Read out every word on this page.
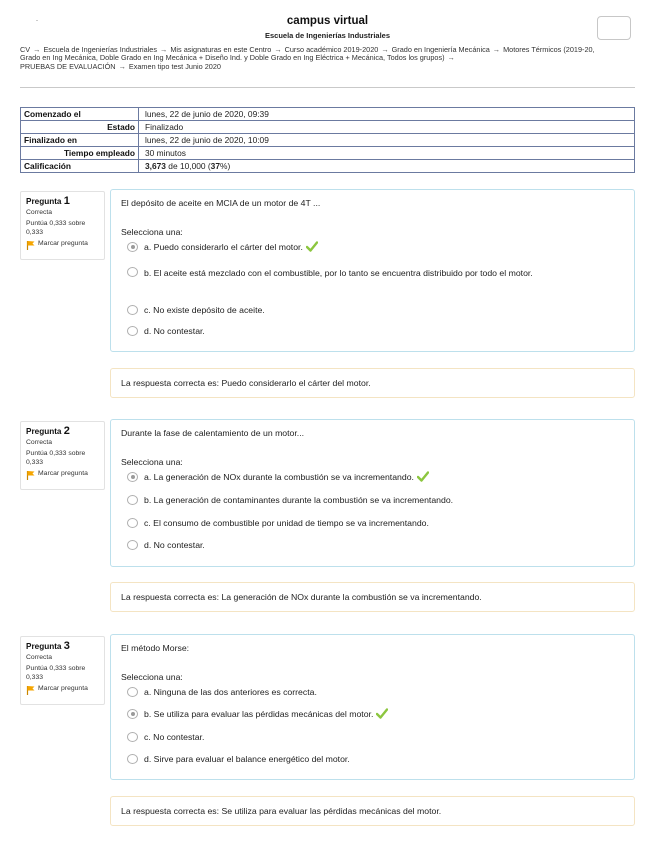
-	campus virtual
Escuela de Ingenierías Industriales
CV → Escuela de Ingenierías Industriales → Mis asignaturas en este Centro → Curso académico 2019-2020 → Grado en Ingeniería Mecánica → Motores Térmicos (2019-20, Grado en Ing Mecánica, Doble Grado en Ing Mecánica + Diseño Ind. y Doble Grado en Ing Eléctrica + Mecánica, Todos los grupos) →
PRUEBAS DE EVALUACIÓN → Examen tipo test Junio 2020
Comenzado el	lunes, 22 de junio de 2020, 09:39
Estado	Finalizado
Finalizado en	lunes, 22 de junio de 2020, 10:09
Tiempo empleado	30 minutos
Calificación	3,673 de 10,000 (37%)
Pregunta 1
Correcta
Puntúa 0,333 sobre 0,333
Marcar pregunta
El depósito de aceite en MCIA de un motor de 4T ...
Selecciona una:
a. Puedo considerarlo el cárter del motor.
b. El aceite está mezclado con el combustible, por lo tanto se encuentra distribuido por todo el motor.
c. No existe depósito de aceite.
d. No contestar.
La respuesta correcta es: Puedo considerarlo el cárter del motor.
Pregunta 2
Correcta
Puntúa 0,333 sobre 0,333
Marcar pregunta
Durante la fase de calentamiento de un motor...
Selecciona una:
a. La generación de NOx durante la combustión se va incrementando.
b. La generación de contaminantes durante la combustión se va incrementando.
c. El consumo de combustible por unidad de tiempo se va incrementando.
d. No contestar.
La respuesta correcta es: La generación de NOx durante la combustión se va incrementando.
Pregunta 3
Correcta
Puntúa 0,333 sobre 0,333
Marcar pregunta
El método Morse:
Selecciona una:
a. Ninguna de las dos anteriores es correcta.
b. Se utiliza para evaluar las pérdidas mecánicas del motor.
c. No contestar.
d. Sirve para evaluar el balance energético del motor.
La respuesta correcta es: Se utiliza para evaluar las pérdidas mecánicas del motor.
